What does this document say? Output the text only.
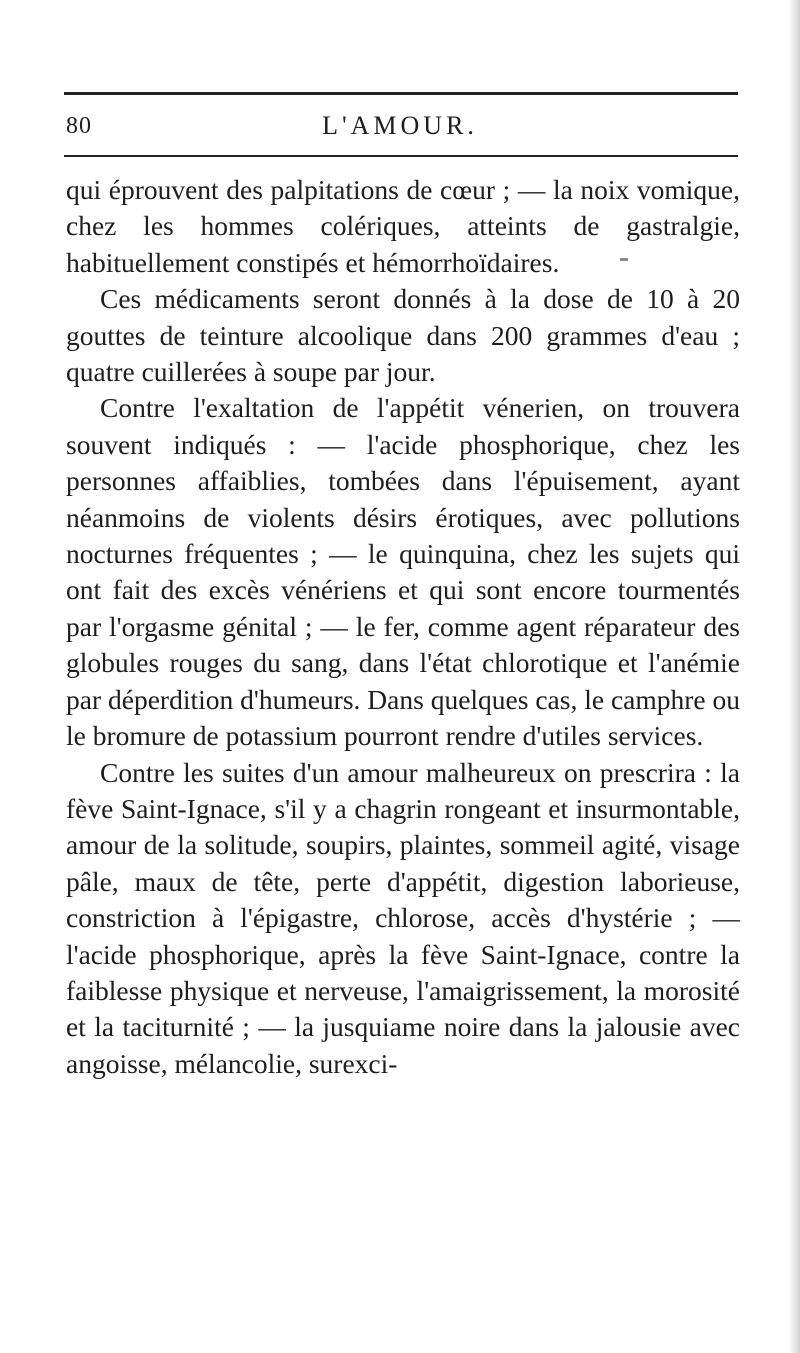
80	L'AMOUR.

qui éprouvent des palpitations de cœur ; — la noix vomique, chez les hommes colériques, atteints de gastralgie, habituellement constipés et hémorrhoïdaires.

Ces médicaments seront donnés à la dose de 10 à 20 gouttes de teinture alcoolique dans 200 grammes d'eau ; quatre cuillerées à soupe par jour.

Contre l'exaltation de l'appétit vénerien, on trouvera souvent indiqués : — l'acide phosphorique, chez les personnes affaiblies, tombées dans l'épuisement, ayant néanmoins de violents désirs érotiques, avec pollutions nocturnes fréquentes ; — le quinquina, chez les sujets qui ont fait des excès vénériens et qui sont encore tourmentés par l'orgasme génital ; — le fer, comme agent réparateur des globules rouges du sang, dans l'état chlorotique et l'anémie par déperdition d'humeurs. Dans quelques cas, le camphre ou le bromure de potassium pourront rendre d'utiles services.

Contre les suites d'un amour malheureux on prescrira : la fève Saint-Ignace, s'il y a chagrin rongeant et insurmontable, amour de la solitude, soupirs, plaintes, sommeil agité, visage pâle, maux de tête, perte d'appétit, digestion laborieuse, constriction à l'épigastre, chlorose, accès d'hystérie ; — l'acide phosphorique, après la fève Saint-Ignace, contre la faiblesse physique et nerveuse, l'amaigrissement, la morosité et la taciturnité ; — la jusquiame noire dans la jalousie avec angoisse, mélancolie, surexci-
